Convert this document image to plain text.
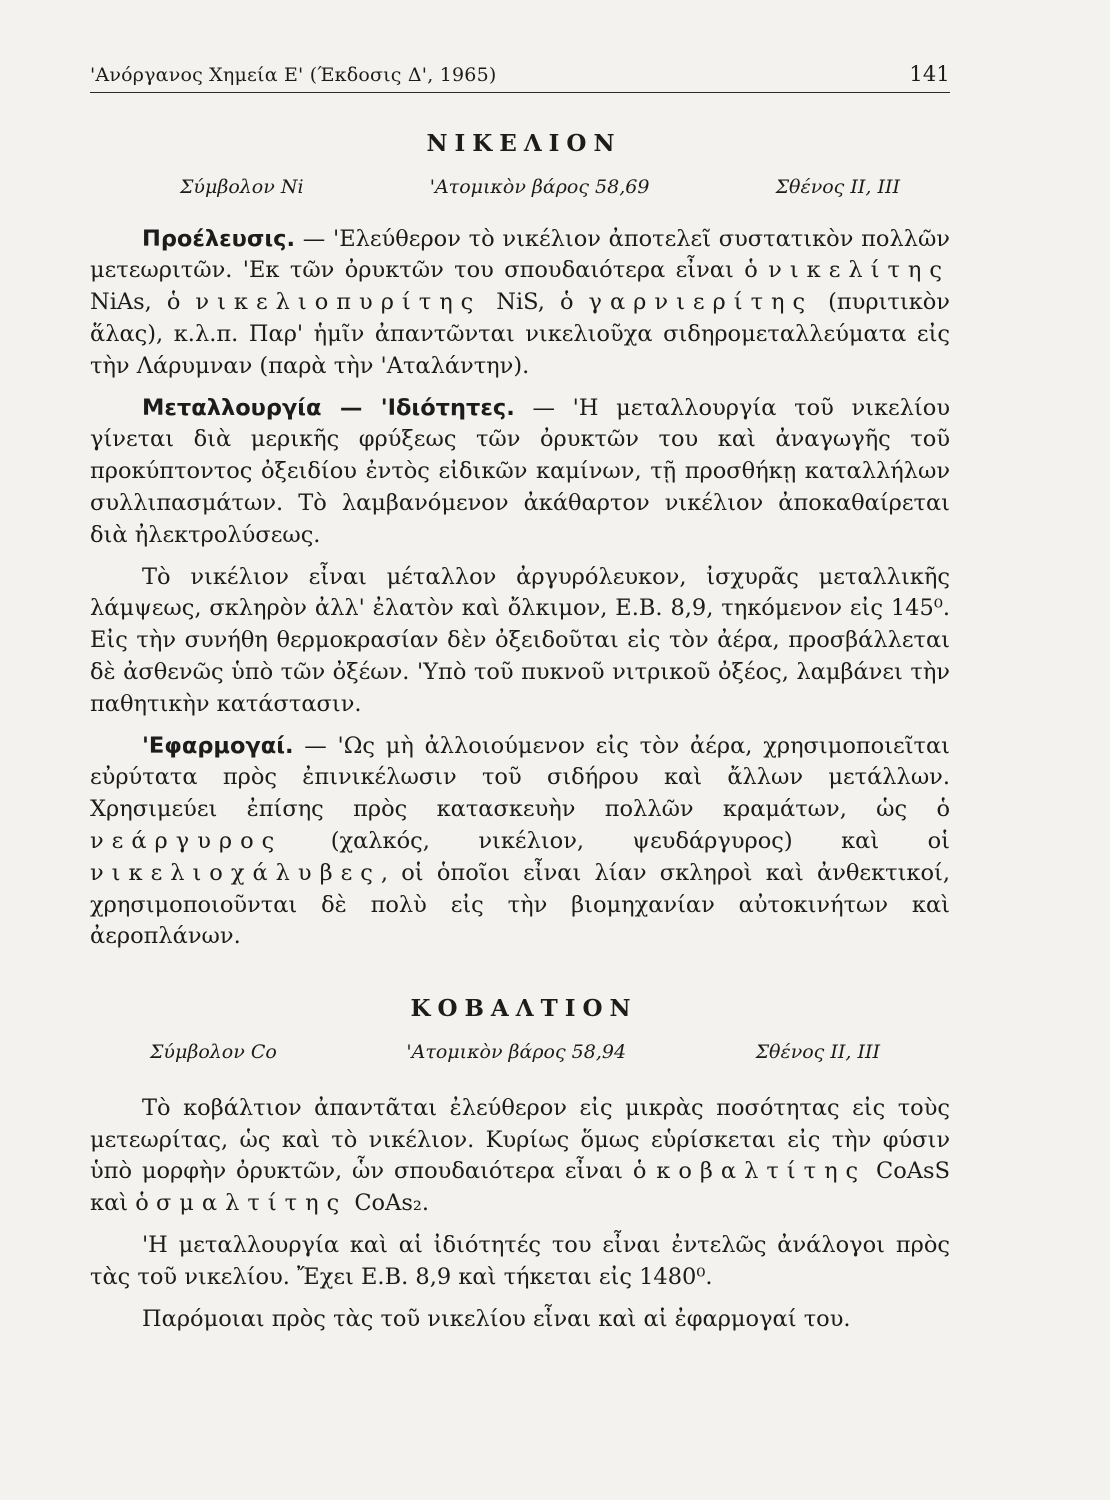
'Ανόργανος Χημεία Ε' (Έκδοσις Δ', 1965)	141
ΝΙΚΕΛΙΟΝ
Σύμβολον Ni	'Ατομικὸν βάρος 58,69	Σθένος ΙΙ, ΙΙΙ

Προέλευσις. — 'Ελεύθερον τὸ νικέλιον ἀποτελεῖ συστατικὸν πολλῶν μετεωριτῶν. 'Εκ τῶν ὀρυκτῶν του σπουδαιότερα εἶναι ὁ νικελίτης NiAs, ὁ νικελιοπυρίτης NiS, ὁ γαρνιερίτης (πυριτικὸν ἅλας), κ.λ.π. Παρ' ἡμῖν ἀπαντῶνται νικελιοῦχα σιδηρομεταλλεύματα εἰς τὴν Λάρυμναν (παρὰ τὴν 'Αταλάντην).

Μεταλλουργία — 'Ιδιότητες. — 'Η μεταλλουργία τοῦ νικελίου γίνεται διὰ μερικῆς φρύξεως τῶν ὀρυκτῶν του καὶ ἀναγωγῆς τοῦ προκύπτοντος ὀξειδίου ἐντὸς εἰδικῶν καμίνων, τῇ προσθήκῃ καταλλήλων συλλιπασμάτων. Τὸ λαμβανόμενον ἀκάθαρτον νικέλιον ἀποκαθαίρεται διὰ ἠλεκτρολύσεως.

Τὸ νικέλιον εἶναι μέταλλον ἀργυρόλευκον, ἰσχυρᾶς μεταλλικῆς λάμψεως, σκληρὸν ἀλλ' ἐλατὸν καὶ ὄλκιμον, Ε.Β. 8,9, τηκόμενον εἰς 145⁰. Εἰς τὴν συνήθη θερμοκρασίαν δὲν ὀξειδοῦται εἰς τὸν ἀέρα, προσβάλλεται δὲ ἀσθενῶς ὑπὸ τῶν ὀξέων. 'Υπὸ τοῦ πυκνοῦ νιτρικοῦ ὀξέος, λαμβάνει τὴν παθητικὴν κατάστασιν.

'Εφαρμογαί. — 'Ως μὴ ἀλλοιούμενον εἰς τὸν ἀέρα, χρησιμοποιεῖται εὐρύτατα πρὸς ἐπινικέλωσιν τοῦ σιδήρου καὶ ἄλλων μετάλλων. Χρησιμεύει ἐπίσης πρὸς κατασκευὴν πολλῶν κραμάτων, ὡς ὁ νεάργυρος (χαλκός, νικέλιον, ψευδάργυρος) καὶ οἱ νικελιοχάλυβες, οἱ ὁποῖοι εἶναι λίαν σκληροὶ καὶ ἀνθεκτικοί, χρησιμοποιοῦνται δὲ πολὺ εἰς τὴν βιομηχανίαν αὐτοκινήτων καὶ ἀεροπλάνων.

ΚΟΒΑΛΤΙΟΝ
Σύμβολον Co	'Ατομικὸν βάρος 58,94	Σθένος ΙΙ, ΙΙΙ

Τὸ κοβάλτιον ἀπαντᾶται ἐλεύθερον εἰς μικρὰς ποσότητας εἰς τοὺς μετεωρίτας, ὡς καὶ τὸ νικέλιον. Κυρίως ὅμως εὑρίσκεται εἰς τὴν φύσιν ὑπὸ μορφὴν ὀρυκτῶν, ὧν σπουδαιότερα εἶναι ὁ κοβαλτίτης CoAsS καὶ ὁ σμαλτίτης CoAs₂.

'Η μεταλλουργία καὶ αἱ ἰδιότητές του εἶναι ἐντελῶς ἀνάλογοι πρὸς τὰς τοῦ νικελίου. Ἔχει Ε.Β. 8,9 καὶ τήκεται εἰς 1480⁰.

Παρόμοιαι πρὸς τὰς τοῦ νικελίου εἶναι καὶ αἱ ἐφαρμογαί του.
